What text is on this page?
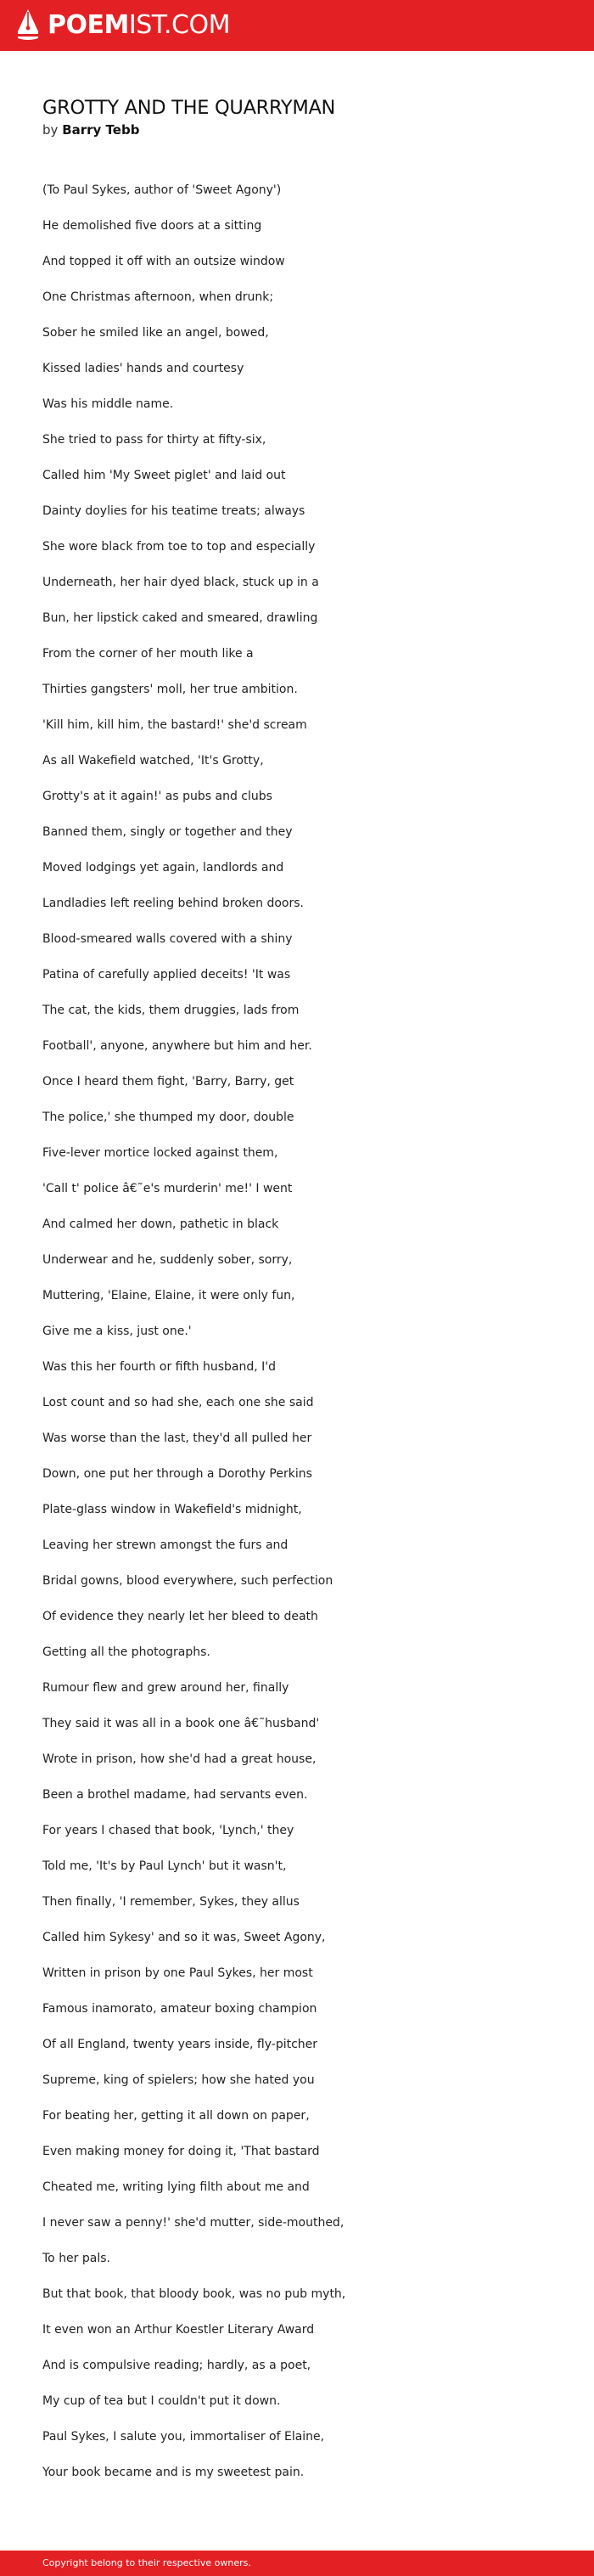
POEMIST.COM
GROTTY AND THE QUARRYMAN

by Barry Tebb

(To Paul Sykes, author of 'Sweet Agony')
He demolished five doors at a sitting
And topped it off with an outsize window
One Christmas afternoon, when drunk;
Sober he smiled like an angel, bowed,
Kissed ladies' hands and courtesy
Was his middle name.
She tried to pass for thirty at fifty-six,
Called him 'My Sweet piglet' and laid out
Dainty doylies for his teatime treats; always
She wore black from toe to top and especially
Underneath, her hair dyed black, stuck up in a
Bun, her lipstick caked and smeared, drawling
From the corner of her mouth like a
Thirties gangsters' moll, her true ambition.
'Kill him, kill him, the bastard!' she'd scream
As all Wakefield watched, 'It's Grotty,
Grotty's at it again!' as pubs and clubs
Banned them, singly or together and they
Moved lodgings yet again, landlords and
Landladies left reeling behind broken doors.
Blood-smeared walls covered with a shiny
Patina of carefully applied deceits! 'It was
The cat, the kids, them druggies, lads from
Football', anyone, anywhere but him and her.
Once I heard them fight, 'Barry, Barry, get
The police,' she thumped my door, double
Five-lever mortice locked against them,
'Call t' police â€˜e's murderin' me!' I went
And calmed her down, pathetic in black
Underwear and he, suddenly sober, sorry,
Muttering, 'Elaine, Elaine, it were only fun,
Give me a kiss, just one.'
Was this her fourth or fifth husband, I'd
Lost count and so had she, each one she said
Was worse than the last, they'd all pulled her
Down, one put her through a Dorothy Perkins
Plate-glass window in Wakefield's midnight,
Leaving her strewn amongst the furs and
Bridal gowns, blood everywhere, such perfection
Of evidence they nearly let her bleed to death
Getting all the photographs.
Rumour flew and grew around her, finally
They said it was all in a book one â€˜husband'
Wrote in prison, how she'd had a great house,
Been a brothel madame, had servants even.
For years I chased that book, 'Lynch,' they
Told me, 'It's by Paul Lynch' but it wasn't,
Then finally, 'I remember, Sykes, they allus
Called him Sykesy' and so it was, Sweet Agony,
Written in prison by one Paul Sykes, her most
Famous inamorato, amateur boxing champion
Of all England, twenty years inside, fly-pitcher
Supreme, king of spielers; how she hated you
For beating her, getting it all down on paper,
Even making money for doing it, 'That bastard
Cheated me, writing lying filth about me and
I never saw a penny!' she'd mutter, side-mouthed,
To her pals.
But that book, that bloody book, was no pub myth,
It even won an Arthur Koestler Literary Award
And is compulsive reading; hardly, as a poet,
My cup of tea but I couldn't put it down.
Paul Sykes, I salute you, immortaliser of Elaine,
Your book became and is my sweetest pain.
Copyright belong to their respective owners.
